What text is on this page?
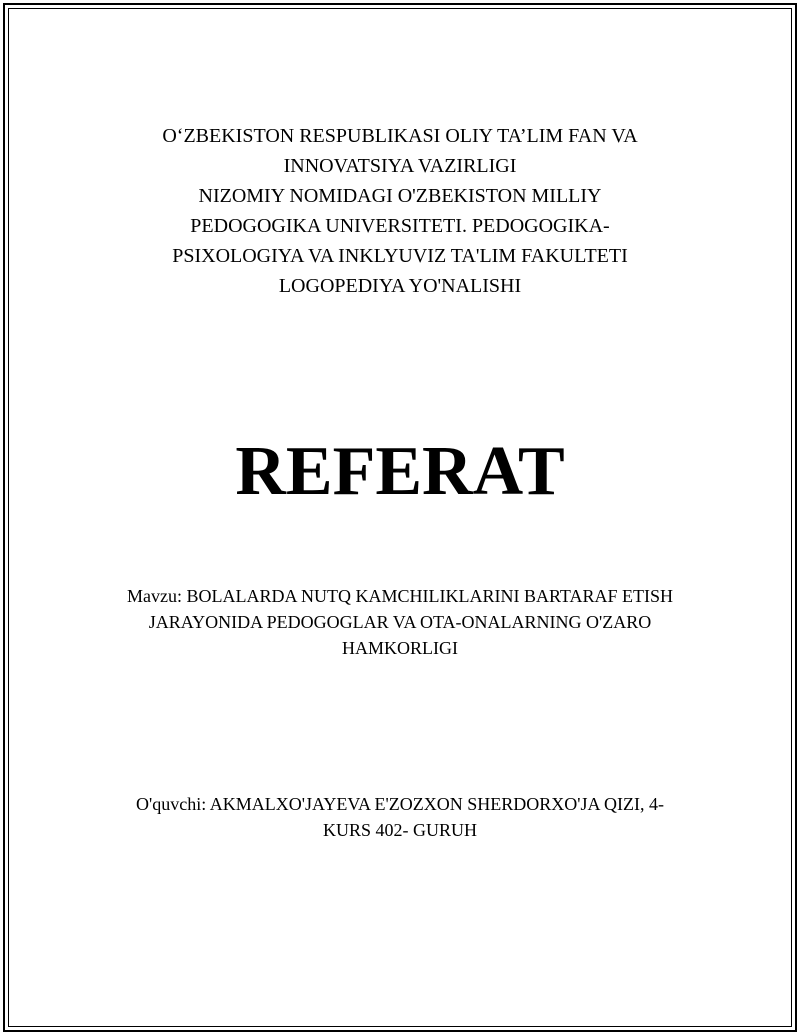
O‘ZBEKISTON RESPUBLIKASI OLIY TA’LIM FAN VA
INNOVATSIYA VAZIRLIGI
NIZOMIY NOMIDAGI O'ZBEKISTON MILLIY
PEDOGOGIKA UNIVERSITETI. PEDOGOGIKA-
PSIXOLOGIYA VA INKLYUVIZ TA'LIM FAKULTETI
LOGOPEDIYA YO'NALISHI
REFERAT
Mavzu: BOLALARDA NUTQ KAMCHILIKLARINI BARTARAF ETISH
JARAYONIDA PEDOGOGLAR VA OTA-ONALARNING O'ZARO
HAMKORLIGI
O'quvchi: AKMALXO'JAYEVA E'ZOZXON SHERDORXO'JA QIZI, 4-
KURS 402- GURUH
